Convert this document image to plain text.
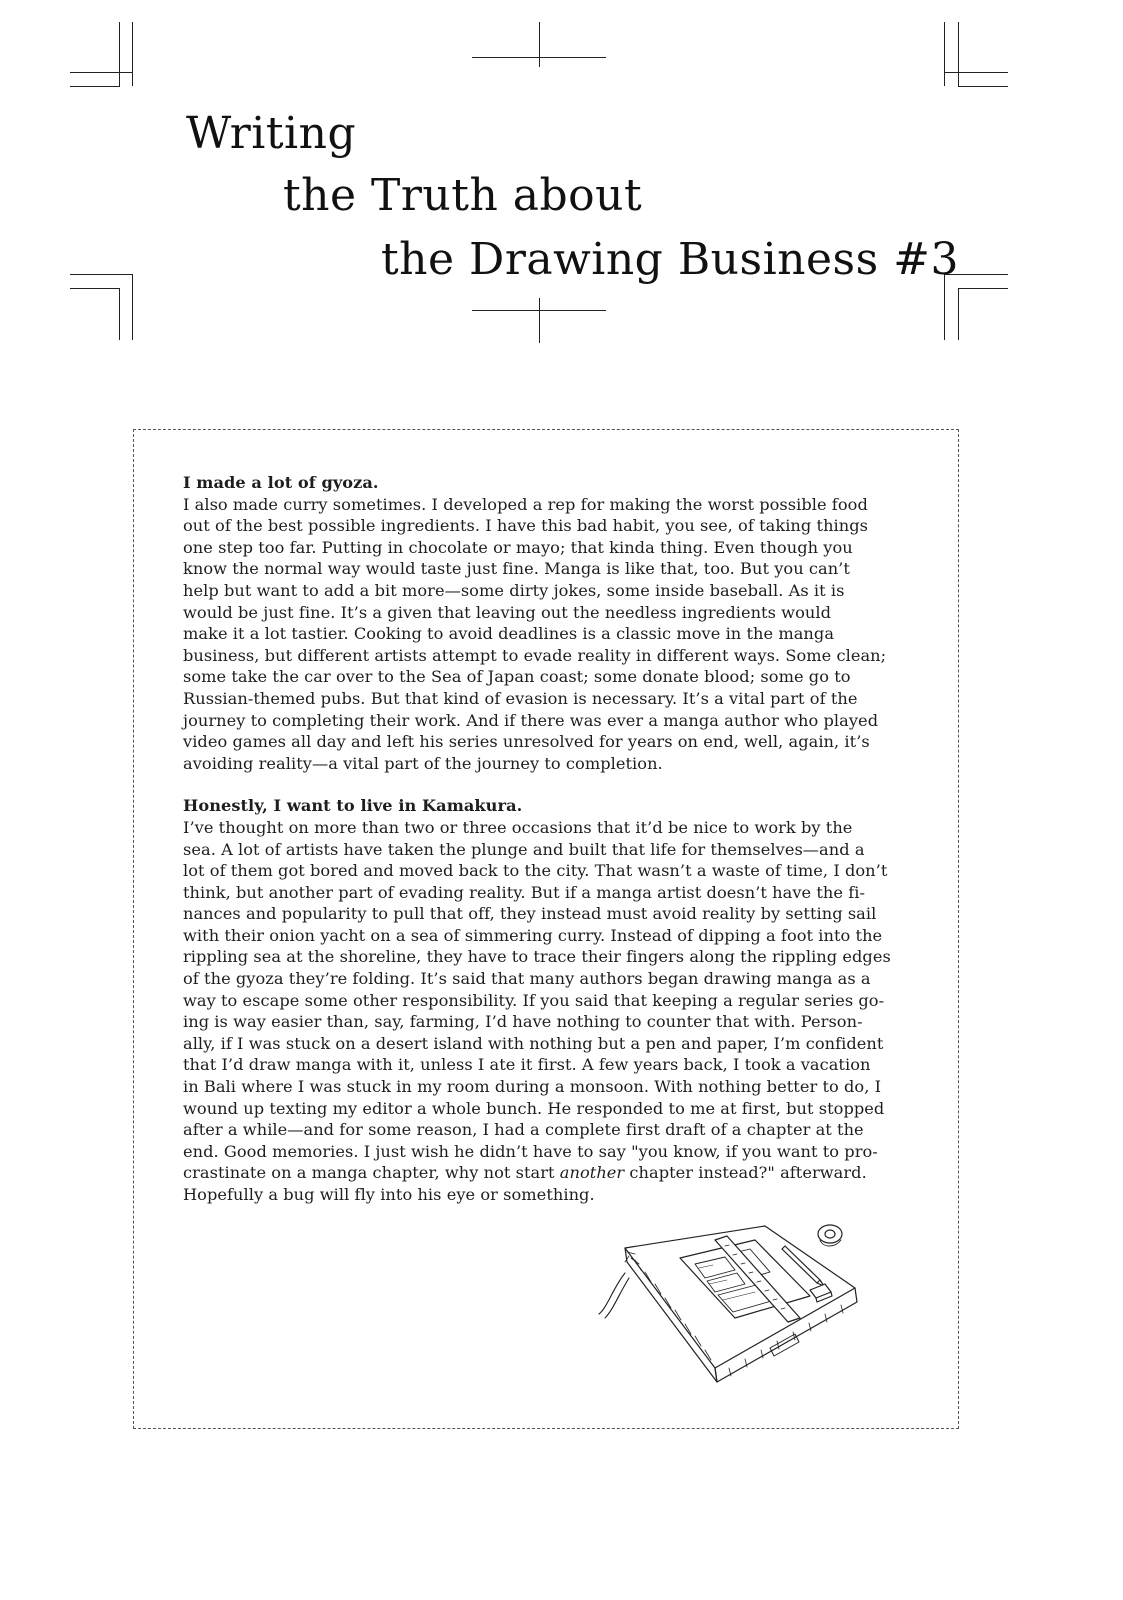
Writing
the Truth about
the Drawing Business #3

I made a lot of gyoza.

I also made curry sometimes. I developed a rep for making the worst possible food

out of the best possible ingredients. I have this bad habit, you see, of taking things

one step too far. Putting in chocolate or mayo; that kinda thing. Even though you

know the normal way would taste just fine. Manga is like that, too. But you can’t

help but want to add a bit more—some dirty jokes, some inside baseball. As it is

would be just fine. It’s a given that leaving out the needless ingredients would

make it a lot tastier. Cooking to avoid deadlines is a classic move in the manga

business, but different artists attempt to evade reality in different ways. Some clean;

some take the car over to the Sea of Japan coast; some donate blood; some go to

Russian-themed pubs. But that kind of evasion is necessary. It’s a vital part of the

journey to completing their work. And if there was ever a manga author who played

video games all day and left his series unresolved for years on end, well, again, it’s

avoiding reality—a vital part of the journey to completion.

Honestly, I want to live in Kamakura.

I’ve thought on more than two or three occasions that it’d be nice to work by the

sea. A lot of artists have taken the plunge and built that life for themselves—and a

lot of them got bored and moved back to the city. That wasn’t a waste of time, I don’t

think, but another part of evading reality. But if a manga artist doesn’t have the fi-

nances and popularity to pull that off, they instead must avoid reality by setting sail

with their onion yacht on a sea of simmering curry. Instead of dipping a foot into the

rippling sea at the shoreline, they have to trace their fingers along the rippling edges

of the gyoza they’re folding. It’s said that many authors began drawing manga as a

way to escape some other responsibility. If you said that keeping a regular series go-

ing is way easier than, say, farming, I’d have nothing to counter that with. Person-

ally, if I was stuck on a desert island with nothing but a pen and paper, I’m confident

that I’d draw manga with it, unless I ate it first. A few years back, I took a vacation

in Bali where I was stuck in my room during a monsoon. With nothing better to do, I

wound up texting my editor a whole bunch. He responded to me at first, but stopped

after a while—and for some reason, I had a complete first draft of a chapter at the

end. Good memories. I just wish he didn’t have to say "you know, if you want to pro-

crastinate on a manga chapter, why not start another chapter instead?" afterward.

Hopefully a bug will fly into his eye or something.
